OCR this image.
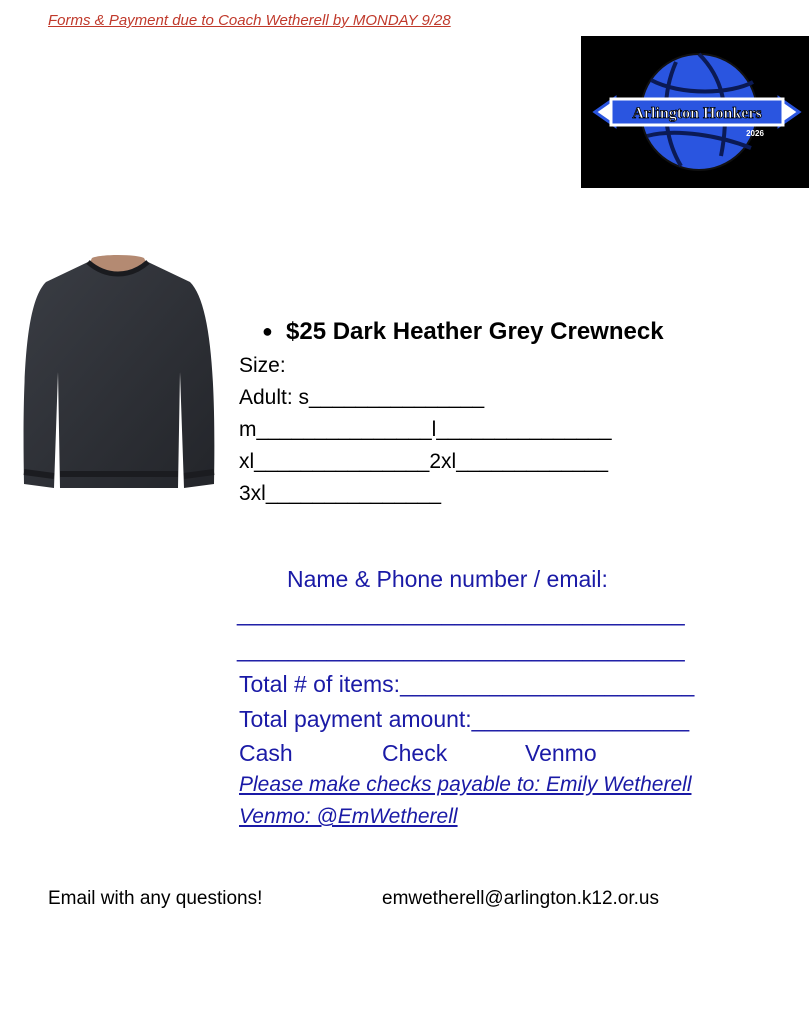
Forms & Payment due to Coach Wetherell by MONDAY 9/28
Arlington Honkers
2026
● $25 Dark Heather Grey Crewneck
Size:
Adult: s_______________
m_______________l_______________
xl_______________2xl_____________
3xl_______________
Name & Phone number / email:
___________________________________
___________________________________
Total # of items:_______________________
Total payment amount:_________________
Cash	Check	Venmo
Please make checks payable to: Emily Wetherell
Venmo: @EmWetherell
Email with any questions!	emwetherell@arlington.k12.or.us
